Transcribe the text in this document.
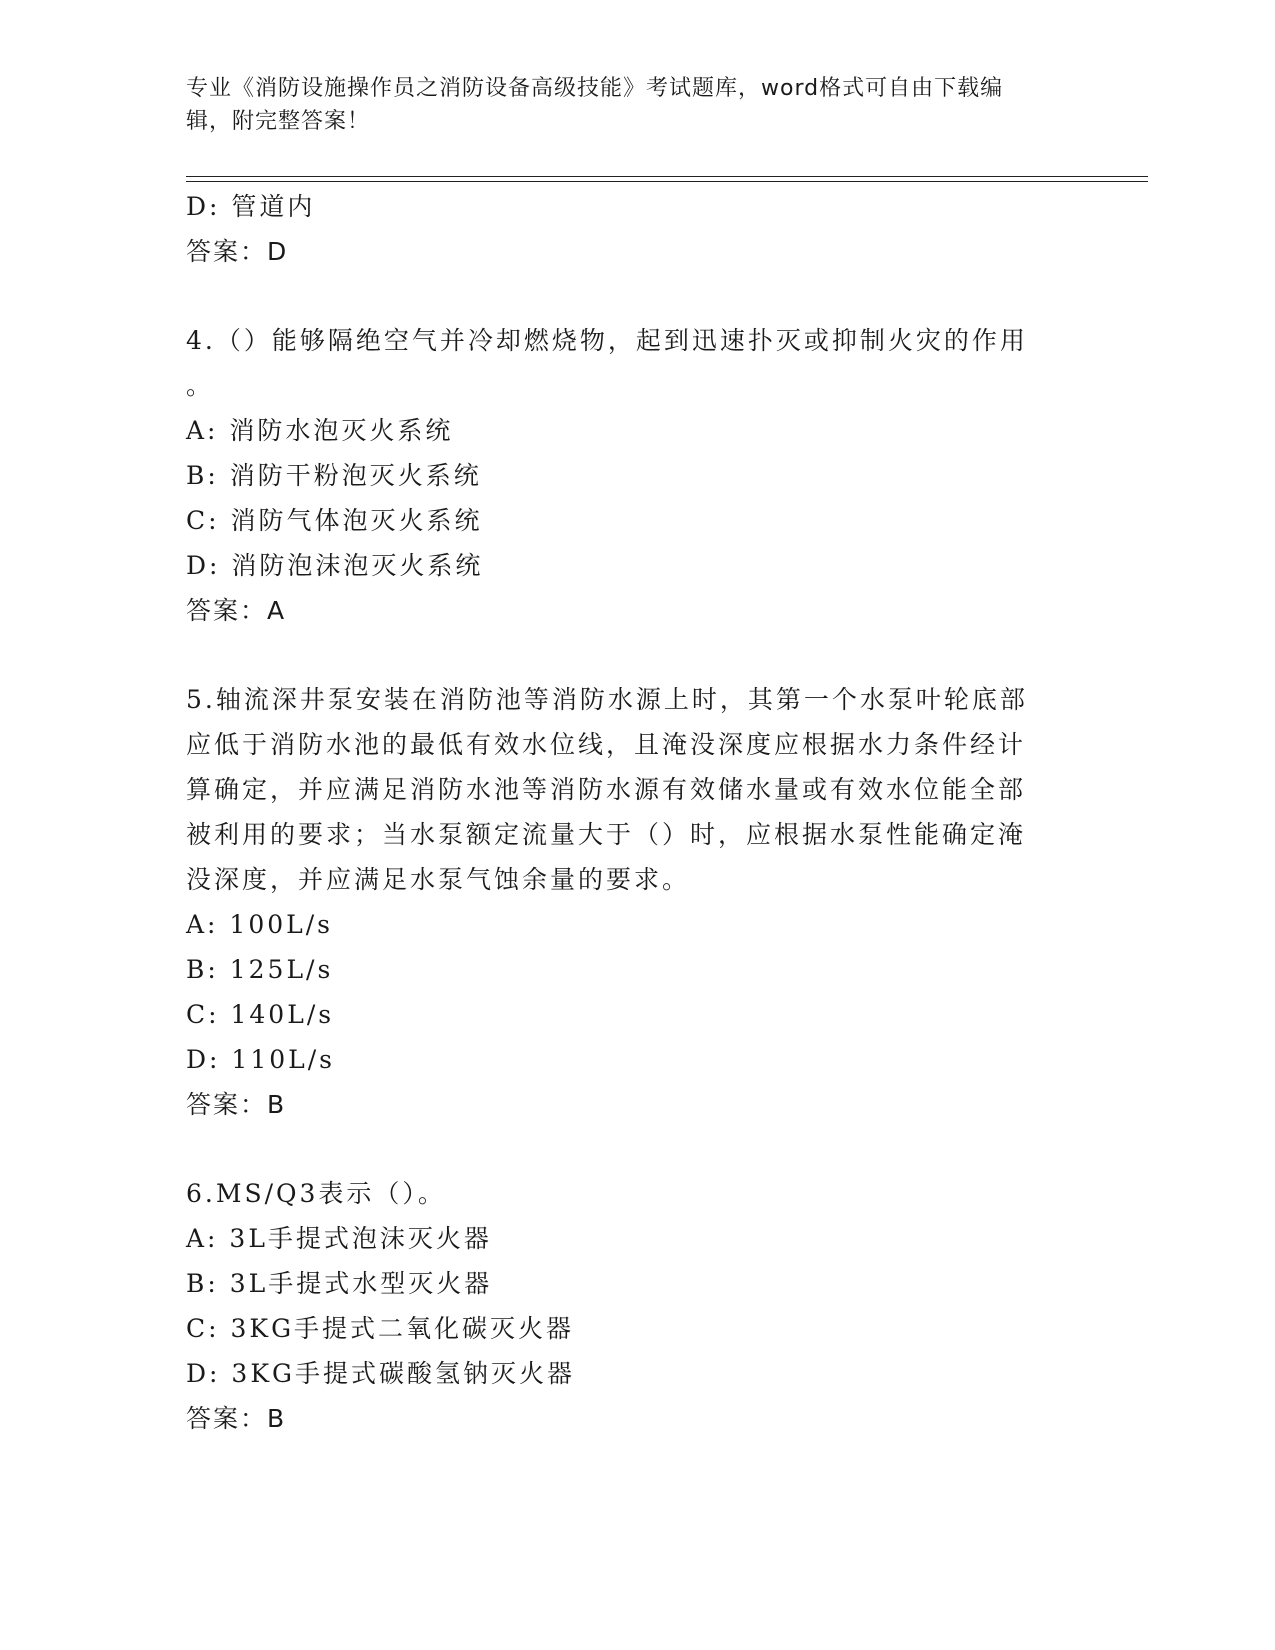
专业《消防设施操作员之消防设备高级技能》考试题库，word格式可自由下载编
辑，附完整答案！
D: 管道内
答案：D
4.（）能够隔绝空气并冷却燃烧物，起到迅速扑灭或抑制火灾的作用
。
A: 消防水泡灭火系统
B: 消防干粉泡灭火系统
C: 消防气体泡灭火系统
D: 消防泡沫泡灭火系统
答案：A
5.轴流深井泵安装在消防池等消防水源上时，其第一个水泵叶轮底部
应低于消防水池的最低有效水位线，且淹没深度应根据水力条件经计
算确定，并应满足消防水池等消防水源有效储水量或有效水位能全部
被利用的要求；当水泵额定流量大于（）时，应根据水泵性能确定淹
没深度，并应满足水泵气蚀余量的要求。
A: 100L/s
B: 125L/s
C: 140L/s
D: 110L/s
答案：B
6.MS/Q3表示（）。
A: 3L手提式泡沫灭火器
B: 3L手提式水型灭火器
C: 3KG手提式二氧化碳灭火器
D: 3KG手提式碳酸氢钠灭火器
答案：B
